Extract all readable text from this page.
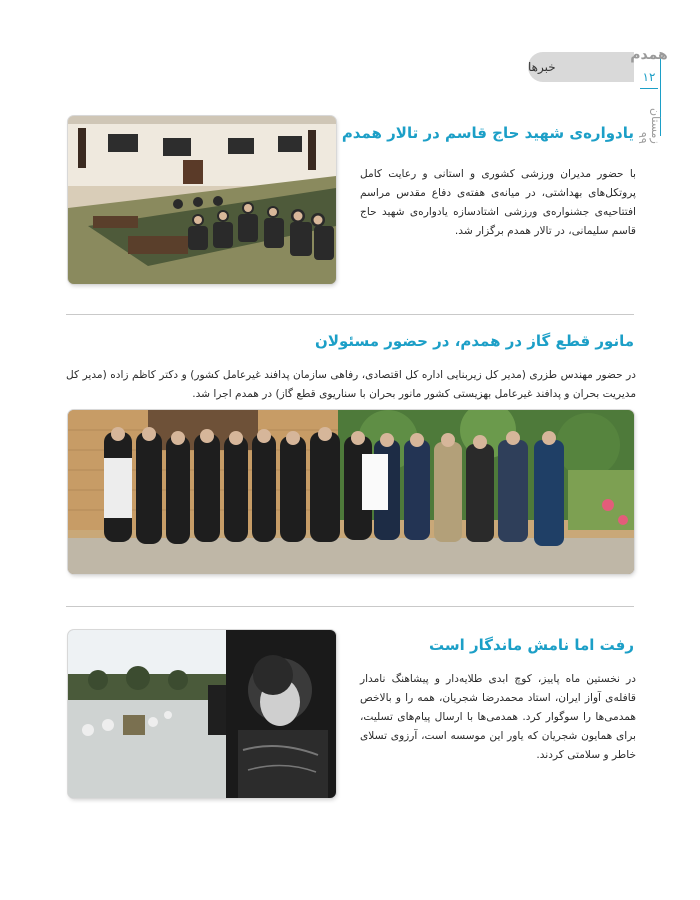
خبرها
همدم
۱۲
زمستان ۹۹
یادواره‌ی شهید حاج قاسم در تالار همدم
با حضور مدیران ورزشی کشوری و استانی و رعایت کامل پروتکل‌های بهداشتی، در میانه‌ی هفته‌ی دفاع مقدس مراسم افتتاحیه‌ی جشنواره‌ی ورزشی اشتادسازه یادواره‌ی شهید حاج قاسم سلیمانی، در تالار همدم برگزار شد.
مانور قطع گاز در همدم، در حضور مسئولان
در حضور مهندس طزری (مدیر کل زیربنایی اداره کل اقتصادی، رفاهی سازمان پدافند غیرعامل کشور) و دکتر کاظم زاده (مدیر کل مدیریت بحران و پدافند غیرعامل بهزیستی کشور مانور بحران با سناریوی قطع گاز) در همدم اجرا شد.
رفت اما نامش ماندگار است
در نخستین ماه پاییز، کوچ ابدی طلایه‌دار و پیشاهنگ نامدار قافله‌ی آواز ایران، استاد محمدرضا شجریان، همه را و بالاخص همدمی‌ها را سوگوار کرد. همدمی‌ها با ارسال پیام‌های تسلیت، برای همایون شجریان که یاور این موسسه است، آرزوی تسلای خاطر و سلامتی کردند.
